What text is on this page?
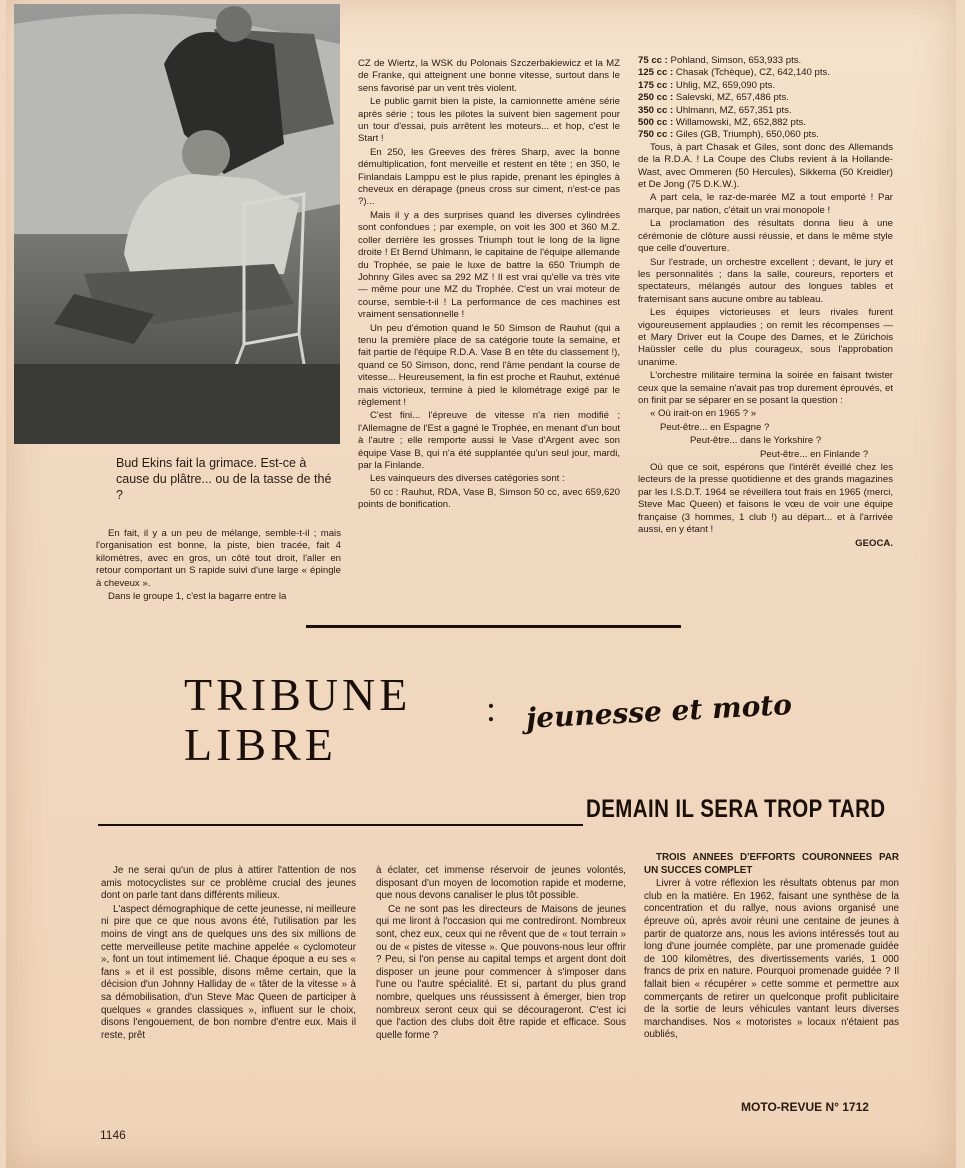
Bud Ekins fait la grimace. Est-ce à cause du plâtre... ou de la tasse de thé ?

En fait, il y a un peu de mélange, semble-t-il ; mais l'organisation est bonne, la piste, bien tracée, fait 4 kilomètres, avec en gros, un côté tout droit, l'aller en retour comportant un S rapide suivi d'une large « épingle à cheveux ».

Dans le groupe 1, c'est la bagarre entre la

CZ de Wiertz, la WSK du Polonais Szczerbakiewicz et la MZ de Franke, qui atteignent une bonne vitesse, surtout dans le sens favorisé par un vent très violent.

Le public garnit bien la piste, la camionnette amène série après série ; tous les pilotes la suivent bien sagement pour un tour d'essai, puis arrêtent les moteurs... et hop, c'est le Start !

En 250, les Greeves des frères Sharp, avec la bonne démultiplication, font merveille et restent en tête ; en 350, le Finlandais Lamppu est le plus rapide, prenant les épingles à cheveux en dérapage (pneus cross sur ciment, n'est-ce pas ?)...

Mais il y a des surprises quand les diverses cylindrées sont confondues ; par exemple, on voit les 300 et 360 M.Z. coller derrière les grosses Triumph tout le long de la ligne droite ! Et Bernd Uhlmann, le capitaine de l'équipe allemande du Trophée, se paie le luxe de battre la 650 Triumph de Johnny Giles avec sa 292 MZ ! Il est vrai qu'elle va très vite — même pour une MZ du Trophée. C'est un vrai moteur de course, semble-t-il ! La performance de ces machines est vraiment sensationnelle !

Un peu d'émotion quand le 50 Simson de Rauhut (qui a tenu la première place de sa catégorie toute la semaine, et fait partie de l'équipe R.D.A. Vase B en tête du classement !), quand ce 50 Simson, donc, rend l'âme pendant la course de vitesse... Heureusement, la fin est proche et Rauhut, exténué mais victorieux, termine à pied le kilométrage exigé par le règlement !

C'est fini... l'épreuve de vitesse n'a rien modifié ; l'Allemagne de l'Est a gagné le Trophée, en menant d'un bout à l'autre ; elle remporte aussi le Vase d'Argent avec son équipe Vase B, qui n'a été supplantée qu'un seul jour, mardi, par la Finlande.

Les vainqueurs des diverses catégories sont :

50 cc : Rauhut, RDA, Vase B, Simson 50 cc, avec 659,620 points de bonification.

75 cc : Pohland, Simson, 653,933 pts.
125 cc : Chasak (Tchèque), CZ, 642,140 pts.
175 cc : Uhlig, MZ, 659,090 pts.
250 cc : Salevski, MZ, 657,486 pts.
350 cc : Uhlmann, MZ, 657,351 pts.
500 cc : Willamowski, MZ, 652,882 pts.
750 cc : Giles (GB, Triumph), 650,060 pts.

Tous, à part Chasak et Giles, sont donc des Allemands de la R.D.A. ! La Coupe des Clubs revient à la Hollande-Wast, avec Ommeren (50 Hercules), Sikkema (50 Kreidler) et De Jong (75 D.K.W.).

A part cela, le raz-de-marée MZ a tout emporté ! Par marque, par nation, c'était un vrai monopole !

La proclamation des résultats donna lieu à une cérémonie de clôture aussi réussie, et dans le même style que celle d'ouverture.

Sur l'estrade, un orchestre excellent ; devant, le jury et les personnalités ; dans la salle, coureurs, reporters et spectateurs, mélangés autour des longues tables et fraternisant sans aucune ombre au tableau.

Les équipes victorieuses et leurs rivales furent vigoureusement applaudies ; on remit les récompenses — et Mary Driver eut la Coupe des Dames, et le Zürichois Haüssler celle du plus courageux, sous l'approbation unanime.

L'orchestre militaire termina la soirée en faisant twister ceux que la semaine n'avait pas trop durement éprouvés, et on finit par se séparer en se posant la question :

« Où irait-on en 1965 ? »

Peut-être... en Espagne ?

Peut-être... dans le Yorkshire ?

Peut-être... en Finlande ?

Où que ce soit, espérons que l'intérêt éveillé chez les lecteurs de la presse quotidienne et des grands magazines par les I.S.D.T. 1964 se réveillera tout frais en 1965 (merci, Steve Mac Queen) et faisons le vœu de voir une équipe française (3 hommes, 1 club !) au départ... et à l'arrivée aussi, en y étant !

GEOCA.

TRIBUNE
LIBRE
: jeunesse et moto
DEMAIN IL SERA TROP TARD

Je ne serai qu'un de plus à attirer l'attention de nos amis motocyclistes sur ce problème crucial des jeunes dont on parle tant dans différents milieux.

L'aspect démographique de cette jeunesse, ni meilleure ni pire que ce que nous avons été, l'utilisation par les moins de vingt ans de quelques uns des six millions de cette merveilleuse petite machine appelée « cyclomoteur », font un tout intimement lié. Chaque époque a eu ses « fans » et il est possible, disons même certain, que la décision d'un Johnny Halliday de « tâter de la vitesse » à sa démobilisation, d'un Steve Mac Queen de participer à quelques « grandes classiques », influent sur le choix, disons l'engouement, de bon nombre d'entre eux. Mais il reste, prêt

à éclater, cet immense réservoir de jeunes volontés, disposant d'un moyen de locomotion rapide et moderne, que nous devons canaliser le plus tôt possible.

Ce ne sont pas les directeurs de Maisons de jeunes qui me liront à l'occasion qui me contrediront. Nombreux sont, chez eux, ceux qui ne rêvent que de « tout terrain » ou de « pistes de vitesse ». Que pouvons-nous leur offrir ? Peu, si l'on pense au capital temps et argent dont doit disposer un jeune pour commencer à s'imposer dans l'une ou l'autre spécialité. Et si, partant du plus grand nombre, quelques uns réussissent à émerger, bien trop nombreux seront ceux qui se décourageront. C'est ici que l'action des clubs doit être rapide et efficace. Sous quelle forme ?

TROIS ANNEES D'EFFORTS COURONNEES PAR UN SUCCES COMPLET

Livrer à votre réflexion les résultats obtenus par mon club en la matière. En 1962, faisant une synthèse de la concentration et du rallye, nous avions organisé une épreuve où, après avoir réuni une centaine de jeunes à partir de quatorze ans, nous les avions intéressés tout au long d'une journée complète, par une promenade guidée de 100 kilomètres, des divertissements variés, 1 000 francs de prix en nature. Pourquoi promenade guidée ? Il fallait bien « récupérer » cette somme et permettre aux commerçants de retirer un quelconque profit publicitaire de la sortie de leurs véhicules vantant leurs diverses marchandises. Nos « motoristes » locaux n'étaient pas oubliés,

1146
MOTO-REVUE N° 1712
